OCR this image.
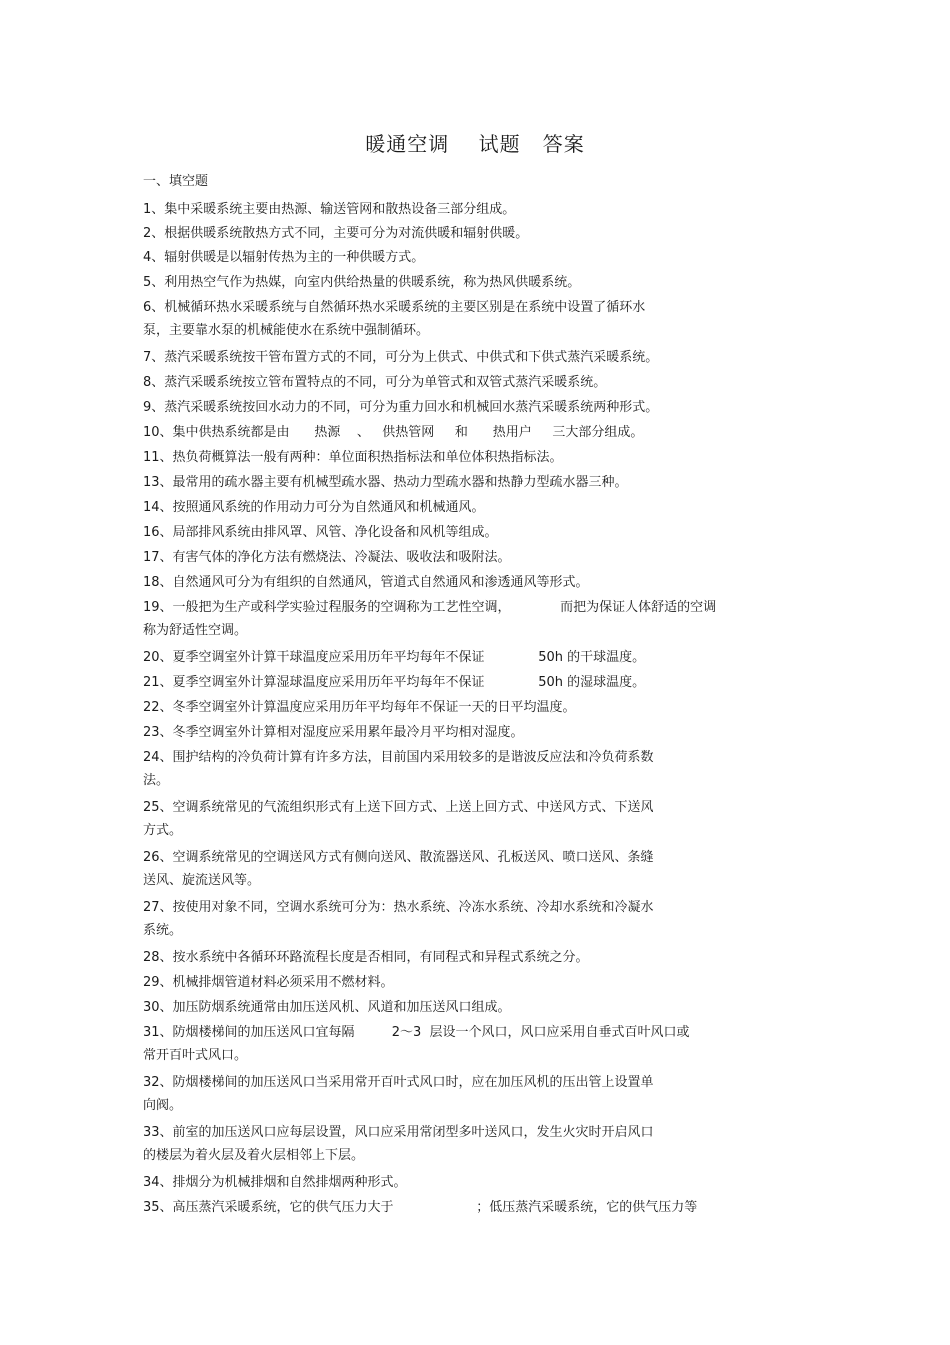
暖通空调    试题   答案
一、填空题
1、集中采暖系统主要由热源、输送管网和散热设备三部分组成。
2、根据供暖系统散热方式不同，主要可分为对流供暖和辐射供暖。
4、辐射供暖是以辐射传热为主的一种供暖方式。
5、利用热空气作为热媒，向室内供给热量的供暖系统，称为热风供暖系统。
6、机械循环热水采暖系统与自然循环热水采暖系统的主要区别是在系统中设置了循环水
泵，主要靠水泵的机械能使水在系统中强制循环。
7、蒸汽采暖系统按干管布置方式的不同，可分为上供式、中供式和下供式蒸汽采暖系统。
8、蒸汽采暖系统按立管布置特点的不同，可分为单管式和双管式蒸汽采暖系统。
9、蒸汽采暖系统按回水动力的不同，可分为重力回水和机械回水蒸汽采暖系统两种形式。
10、集中供热系统都是由      热源    、   供热管网     和      热用户     三大部分组成。
11、热负荷概算法一般有两种：单位面积热指标法和单位体积热指标法。
13、最常用的疏水器主要有机械型疏水器、热动力型疏水器和热静力型疏水器三种。
14、按照通风系统的作用动力可分为自然通风和机械通风。
16、局部排风系统由排风罩、风管、净化设备和风机等组成。
17、有害气体的净化方法有燃烧法、冷凝法、吸收法和吸附法。
18、自然通风可分为有组织的自然通风，管道式自然通风和渗透通风等形式。
19、一般把为生产或科学实验过程服务的空调称为工艺性空调，            而把为保证人体舒适的空调
称为舒适性空调。
20、夏季空调室外计算干球温度应采用历年平均每年不保证             50h 的干球温度。
21、夏季空调室外计算湿球温度应采用历年平均每年不保证             50h 的湿球温度。
22、冬季空调室外计算温度应采用历年平均每年不保证一天的日平均温度。
23、冬季空调室外计算相对湿度应采用累年最冷月平均相对湿度。
24、围护结构的冷负荷计算有许多方法，目前国内采用较多的是谐波反应法和冷负荷系数
法。
25、空调系统常见的气流组织形式有上送下回方式、上送上回方式、中送风方式、下送风
方式。
26、空调系统常见的空调送风方式有侧向送风、散流器送风、孔板送风、喷口送风、条缝
送风、旋流送风等。
27、按使用对象不同，空调水系统可分为：热水系统、冷冻水系统、冷却水系统和冷凝水
系统。
28、按水系统中各循环环路流程长度是否相同，有同程式和异程式系统之分。
29、机械排烟管道材料必须采用不燃材料。
30、加压防烟系统通常由加压送风机、风道和加压送风口组成。
31、防烟楼梯间的加压送风口宜每隔         2～3  层设一个风口，风口应采用自垂式百叶风口或
常开百叶式风口。
32、防烟楼梯间的加压送风口当采用常开百叶式风口时，应在加压风机的压出管上设置单
向阀。
33、前室的加压送风口应每层设置，风口应采用常闭型多叶送风口，发生火灾时开启风口
的楼层为着火层及着火层相邻上下层。
34、排烟分为机械排烟和自然排烟两种形式。
35、高压蒸汽采暖系统，它的供气压力大于                    ；低压蒸汽采暖系统，它的供气压力等
